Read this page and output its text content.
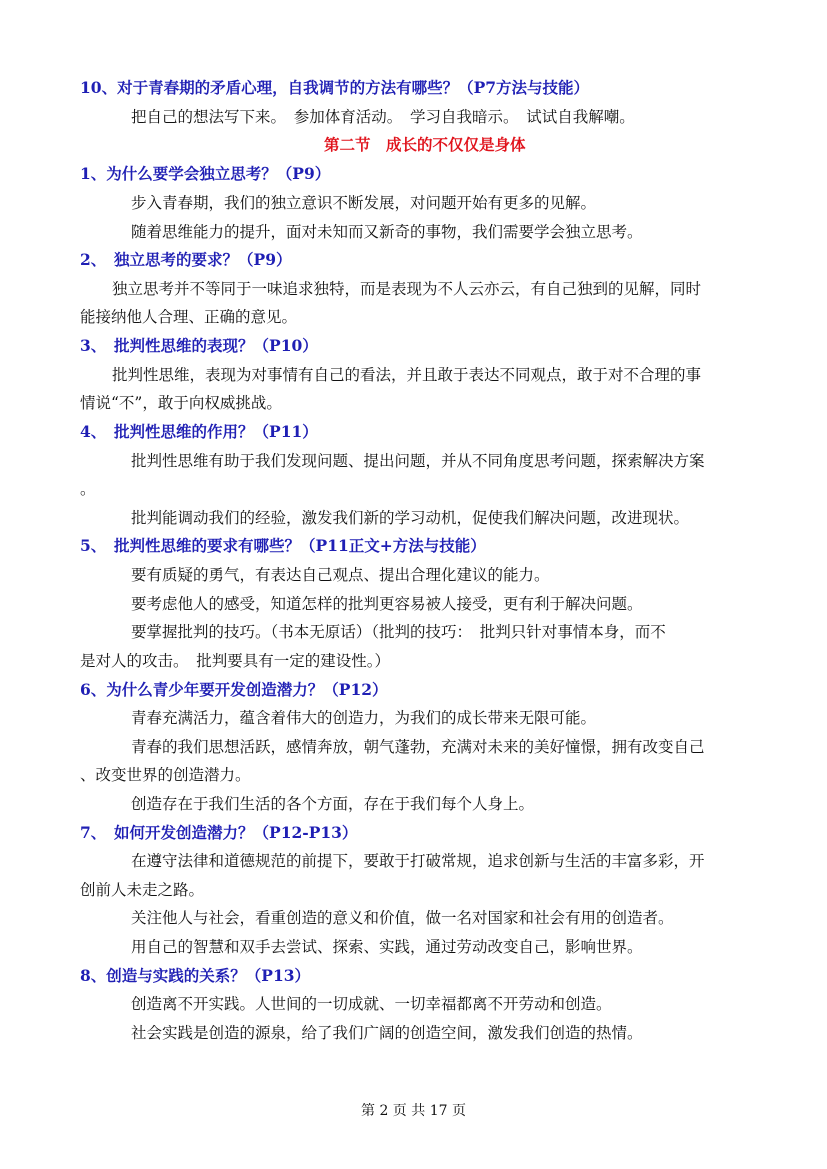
10、对于青春期的矛盾心理，自我调节的方法有哪些？（P7方法与技能）
把自己的想法写下来。　参加体育活动。　学习自我暗示。　试试自我解嘲。
第二节　成长的不仅仅是身体
1、为什么要学会独立思考？（P9）
步入青春期，我们的独立意识不断发展，对问题开始有更多的见解。
随着思维能力的提升，面对未知而又新奇的事物，我们需要学会独立思考。
2、　独立思考的要求？（P9）
独立思考并不等同于一味追求独特，而是表现为不人云亦云，有自己独到的见解，同时
能接纳他人合理、正确的意见。
3、　批判性思维的表现？（P10）
批判性思维，表现为对事情有自己的看法，并且敢于表达不同观点，敢于对不合理的事
情说“不”，敢于向权威挑战。
4、　批判性思维的作用？（P11）
批判性思维有助于我们发现问题、提出问题，并从不同角度思考问题，探索解决方案
。
批判能调动我们的经验，激发我们新的学习动机，促使我们解决问题，改进现状。
5、　批判性思维的要求有哪些？（P11正文+方法与技能）
要有质疑的勇气，有表达自己观点、提出合理化建议的能力。
要考虑他人的感受，知道怎样的批判更容易被人接受，更有利于解决问题。
要掌握批判的技巧。（书本无原话）（批判的技巧：　批判只针对事情本身，而不
是对人的攻击。　批判要具有一定的建设性。）
6、为什么青少年要开发创造潜力？（P12）
青春充满活力，蕴含着伟大的创造力，为我们的成长带来无限可能。
青春的我们思想活跃，感情奔放，朝气蓬勃，充满对未来的美好憧憬，拥有改变自己
、改变世界的创造潜力。
创造存在于我们生活的各个方面，存在于我们每个人身上。
7、　如何开发创造潜力？（P12-P13）
在遵守法律和道德规范的前提下，要敢于打破常规，追求创新与生活的丰富多彩，开
创前人未走之路。
关注他人与社会，看重创造的意义和价值，做一名对国家和社会有用的创造者。
用自己的智慧和双手去尝试、探索、实践，通过劳动改变自己，影响世界。
8、创造与实践的关系？（P13）
创造离不开实践。人世间的一切成就、一切幸福都离不开劳动和创造。
社会实践是创造的源泉，给了我们广阔的创造空间，激发我们创造的热情。
第 2 页 共 17 页
